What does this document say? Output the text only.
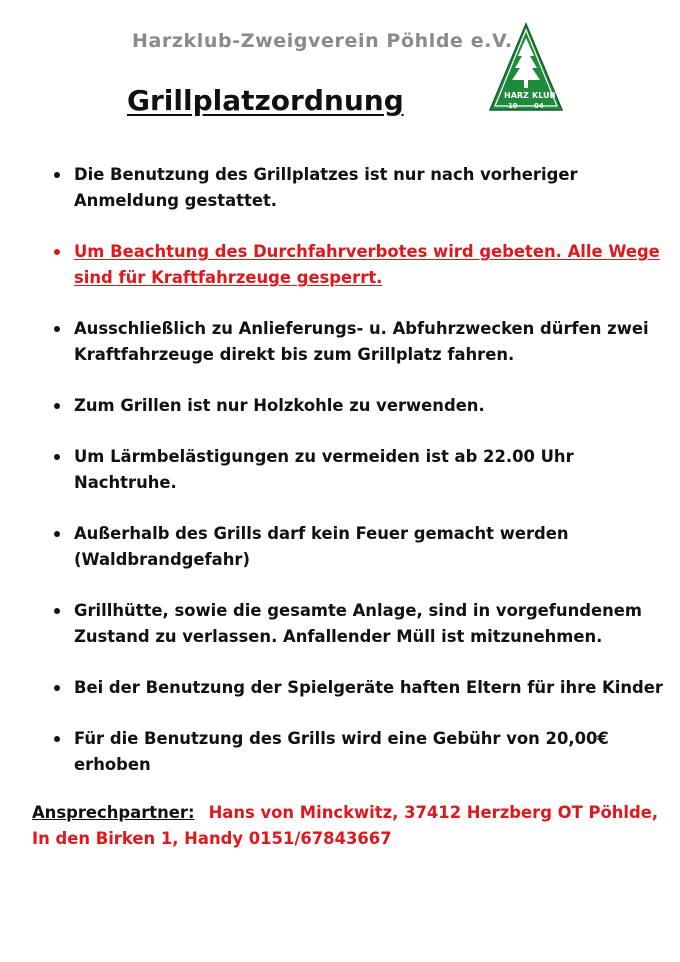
Harzklub-Zweigverein Pöhlde e.V.
HARZ KLUB
19 04
Grillplatzordnung
Die Benutzung des Grillplatzes ist nur nach vorheriger Anmeldung gestattet.
Um Beachtung des Durchfahrverbotes wird gebeten. Alle Wege sind für Kraftfahrzeuge gesperrt.
Ausschließlich zu Anlieferungs- u. Abfuhrzwecken dürfen zwei Kraftfahrzeuge direkt bis zum Grillplatz fahren.
Zum Grillen ist nur Holzkohle zu verwenden.
Um Lärmbelästigungen zu vermeiden ist ab 22.00 Uhr Nachtruhe.
Außerhalb des Grills darf kein Feuer gemacht werden (Waldbrandgefahr)
Grillhütte, sowie die gesamte Anlage, sind in vorgefundenem Zustand zu verlassen. Anfallender Müll ist mitzunehmen.
Bei der Benutzung der Spielgeräte haften Eltern für ihre Kinder
Für die Benutzung des Grills wird eine Gebühr von 20,00€ erhoben
Ansprechpartner: Hans von Minckwitz, 37412 Herzberg OT Pöhlde, In den Birken 1, Handy 0151/67843667
